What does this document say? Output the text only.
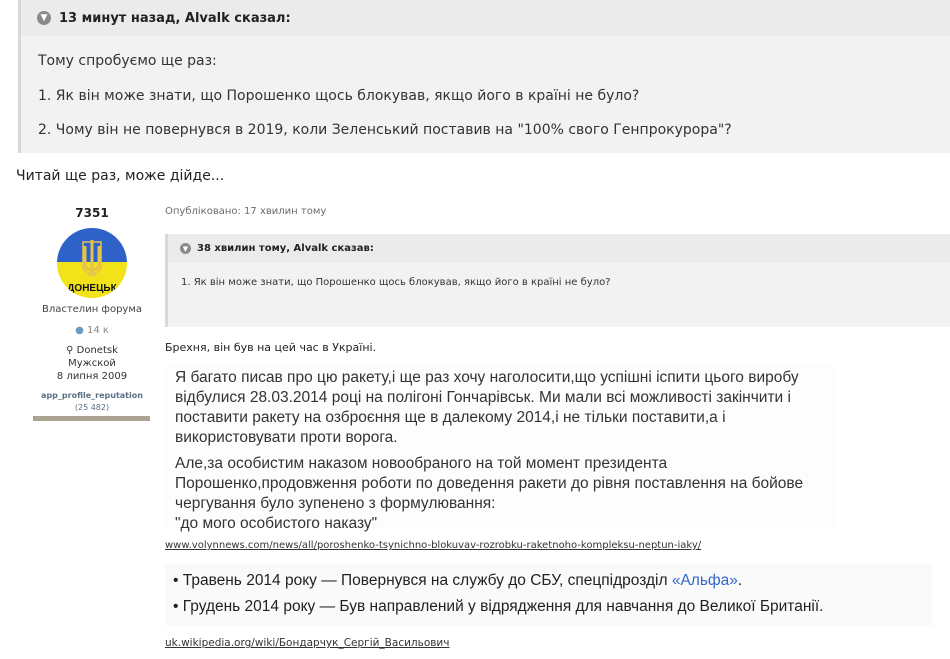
▼ 13 минут назад, Alvalk сказал:

Тому спробуємо ще раз:

1. Як він може знати, що Порошенко щось блокував, якщо його в країні не було?

2. Чому він не повернувся в 2019, коли Зеленський поставив на "100% свого Генпрокурора"?

Читай ще раз, може дійде...
7351
ДОНЕЦЬК
Властелин форума
● 14 к
⚲ Donetsk
Мужской
8 липня 2009
app_profile_reputation
(25 482)
Опубліковано: 17 хвилин тому
▼ 38 хвилин тому, Alvalk сказав:

1. Як він може знати, що Порошенко щось блокував, якщо його в країні не було?

Брехня, він був на цей час в Україні.

Я багато писав про цю ракету,і ще раз хочу наголосити,що успішні іспити цього виробу відбулися 28.03.2014 році на полігоні Гончарівськ. Ми мали всі можливості закінчити і поставити ракету на озброєння ще в далекому 2014,і не тільки поставити,а і використовувати проти ворога.

Але,за особистим наказом новообраного на той момент президента Порошенко,продовження роботи по доведення ракети до рівня поставлення на бойове чергування було зупенено з формулювання:
"до мого особистого наказу"

www.volynnews.com/news/all/poroshenko-tsynichno-blokuvav-rozrobku-raketnoho-kompleksu-neptun-iaky/
• Травень 2014 року — Повернувся на службу до СБУ, спецпідрозділ «Альфа».
• Грудень 2014 року — Був направлений у відрядження для навчання до Великої Британії.
uk.wikipedia.org/wiki/Бондарчук_Сергій_Васильович
